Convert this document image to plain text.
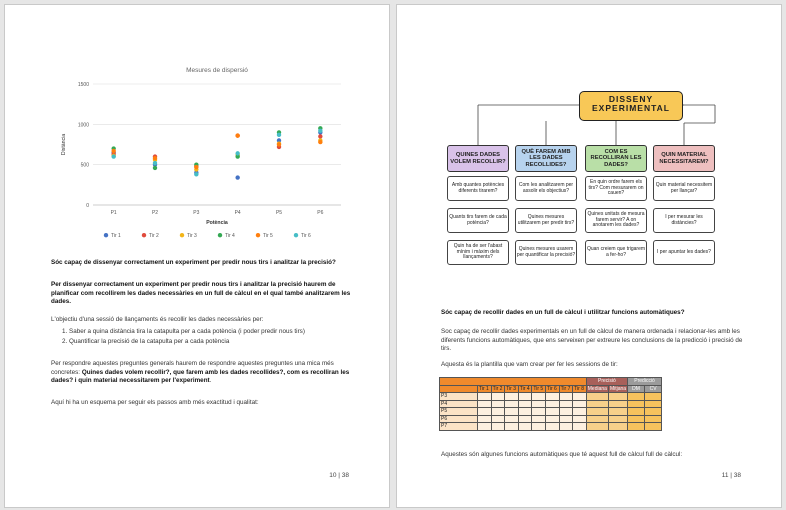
Mesures de dispersió
0
500
1000
1500
P1	P2	P3	P4	P5	P6
Potència
Distància
Tir 1	Tir 2	Tir 3	Tir 4	Tir 5	Tir 6
Sóc capaç de dissenyar correctament un experiment per predir nous tirs i analitzar la precisió?
Per dissenyar correctament un experiment per predir nous tirs i analitzar la precisió haurem de planificar com recollirem les dades necessàries en un full de càlcul en el qual també analitzarem les dades.
L'objectiu d'una sessió de llançaments és recollir les dades necessàries per:
1. Saber a quina distància tira la catapulta per a cada potència (i poder predir nous tirs)
2. Quantificar la precisió de la catapulta per a cada potència
Per respondre aquestes preguntes generals haurem de respondre aquestes preguntes una mica més concretes: Quines dades volem recollir?, que farem amb les dades recollides?, com es recolliran les dades? i quin material necessitarem per l'experiment.
Aquí hi ha un esquema per seguir els passos amb més exactitud i qualitat:
10 | 38
DISSENY
EXPERIMENTAL
QUINES DADES VOLEM RECOLLIR?
QUÈ FAREM AMB LES DADES RECOLLIDES?
COM ES RECOLLIRAN LES DADES?
QUIN MATERIAL NECESSITAREM?
Amb quantes potències diferents tirarem?
Quants tirs farem de cada potència?
Quin ha de ser l'abast mínim i màxim dels llançaments?
Com les analitzarem per assolir els objectius?
Quines mesures utilitzarem per predir tirs?
Quines mesures usarem per quantificar la precisió?
En quin ordre farem els tirs? Com mesurarem on cauen?
Quines unitats de mesura farem servir? A on anotarem les dades?
Quan creiem que trigarem a fer-ho?
Quin material necessitem per llançar?
I per mesurar les distàncies?
I per apuntar les dades?
Sóc capaç de recollir dades en un full de càlcul i utilitzar funcions automàtiques?
Soc capaç de recollir dades experimentals en un full de càlcul de manera ordenada i relacionar-les amb les diferents funcions automàtiques, que ens serveixen per extreure les conclusions de la predicció i precisió de tirs.
Aquesta és la plantilla que vam crear per fer les sessions de tir:
									Precisió		Predicció	
	Tir 1	Tir 2	Tir 3	Tir 4	Tir 5	Tir 6	Tir 7	Tir 8	Mediana	Mitjana	DM	CV
P3												
P4												
P5												
P6												
P7												
Aquestes són algunes funcions automàtiques que té aquest full de càlcul full de càlcul:
11 | 38
